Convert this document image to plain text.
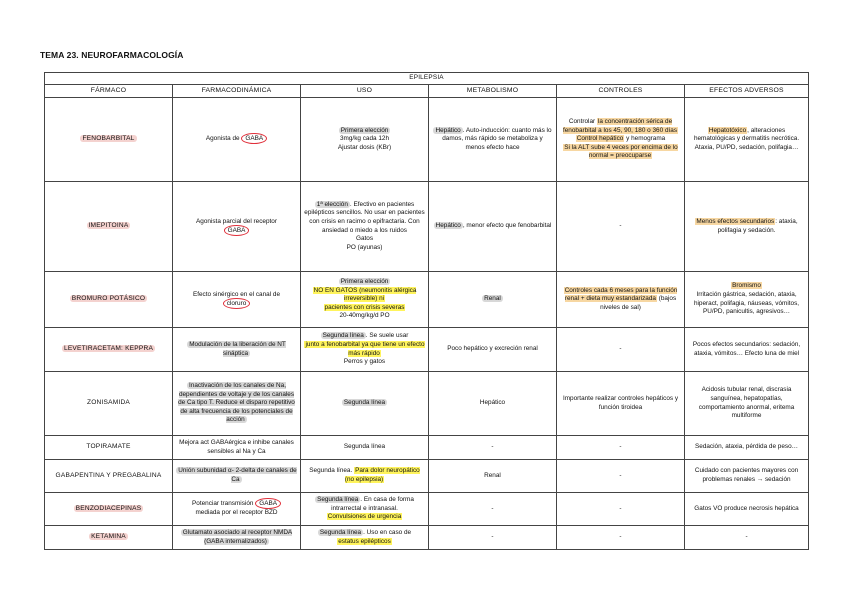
TEMA 23. NEUROFARMACOLOGÍA
EPILEPSIA					
FÁRMACO	FARMACODINÁMICA	USO	METABOLISMO	CONTROLES	EFECTOS ADVERSOS
FENOBARBITAL	Agonista de GABA	Primera elección
3mg/kg cada 12h
Ajustar dosis (KBr)	Hepático . Auto-inducción: cuanto más lo damos, más rápido se metaboliza y menos efecto hace	Controlar la concentración sérica de fenobarbital a los 45, 90, 180 o 360 días
Control hepático y hemograma
Si la ALT sube 4 veces por encima de lo normal = preocuparse	Hepatotóxico, alteraciones hematológicas y dermatitis necrótica.
Ataxia, PU/PD, sedación, polifagia…
IMEPITOINA	Agonista parcial del receptor
GABA	1ª elección . Efectivo en pacientes epilépticos sencillos. No usar en pacientes con crisis en racimo o epifractaria. Con ansiedad o miedo a los ruidos
Gatos
PO (ayunas)	Hepático , menor efecto que fenobarbital	-	Menos efectos secundarios: ataxia, polifagia y sedación.
BROMURO POTÁSICO	Efecto sinérgico en el canal de
cloruro	Primera elección
NO EN GATOS (neumonitis alérgica irreversible) ni
pacientes con crisis severas
20-40mg/kg/d PO	Renal	Controles cada 6 meses para la función renal + dieta muy estandarizada (bajos niveles de sal)	Bromismo
Irritación gástrica, sedación, ataxia, hiperact, polifagia, náuseas, vómitos, PU/PD, panicultis, agresivos…
LEVETIRACETAM: KEPPRA	Modulación de la liberación de NT sináptica	Segunda línea . Se suele usar
junto a fenobarbital ya que tiene un efecto más rápido
Perros y gatos	Poco hepático y excreción renal	-	Pocos efectos secundarios: sedación, ataxia, vómitos… Efecto luna de miel
ZONISAMIDA	Inactivación de los canales de Na, dependientes de voltaje y de los canales de Ca tipo T. Reduce el disparo repetitivo de alta frecuencia de los potenciales de acción	Segunda línea	Hepático	Importante realizar controles hepáticos y función tiroidea	Acidosis tubular renal, discrasia sanguínea, hepatopatías, comportamiento anormal, eritema multiforme
TOPIRAMATE	Mejora act GABAérgica e inhibe canales sensibles al Na y Ca	Segunda línea	-	-	Sedación, ataxia, pérdida de peso…
GABAPENTINA Y PREGABALINA	Unión subunidad α- 2-delta de canales de Ca	Segunda línea. Para dolor neuropático (no epilepsia)	Renal	-	Cuidado con pacientes mayores con problemas renales → sedación
BENZODIACEPINAS	Potenciar transmisión GABA
mediada por el receptor BZD	Segunda línea . En casa de forma intrarrectal e intranasal.
Convulsiones de urgencia	-	-	Gatos VO produce necrosis hepática
KETAMINA	Glutamato asociado al receptor NMDA (GABA internalizados)	Segunda línea . Uso en caso de
estatus epilépticos	-	-	-
